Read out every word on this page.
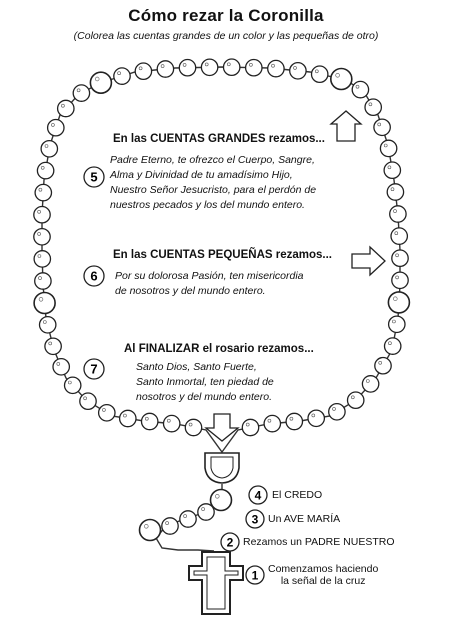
Cómo rezar la Coronilla
(Colorea las cuentas grandes de un color y las pequeñas de otro)
5
6
7
4
3
2
1
En las CUENTAS GRANDES rezamos...
Padre Eterno, te ofrezco el Cuerpo, Sangre,
Alma y Divinidad de tu amadísimo Hijo,
Nuestro Señor Jesucristo, para el perdón de
nuestros pecados y los del mundo entero.
En las CUENTAS PEQUEÑAS rezamos...
Por su dolorosa Pasión, ten misericordia
de nosotros y del mundo entero.
Al FINALIZAR el rosario rezamos...
Santo Dios, Santo Fuerte,
Santo Inmortal, ten piedad de
nosotros y del mundo entero.
El CREDO
Un AVE MARÍA
Rezamos un PADRE NUESTRO
Comenzamos haciendo
la señal de la cruz
